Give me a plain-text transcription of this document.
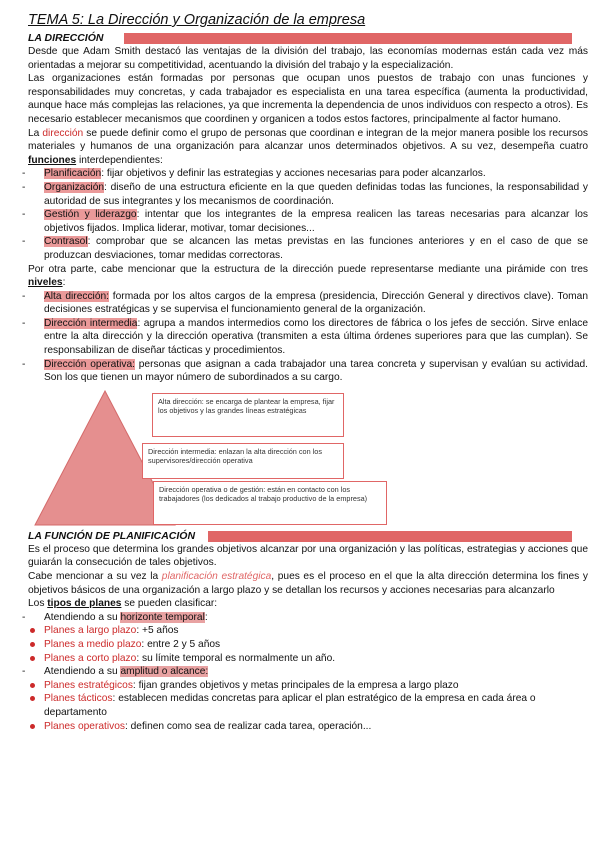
TEMA 5: La Dirección y Organización de la empresa
LA DIRECCIÓN

Desde que Adam Smith destacó las ventajas de la división del trabajo, las economías modernas están cada vez más orientadas a mejorar su competitividad, acentuando la división del trabajo y la especialización.

Las organizaciones están formadas por personas que ocupan unos puestos de trabajo con unas funciones y responsabilidades muy concretas, y cada trabajador es especialista en una tarea específica (aumenta la productividad, aunque hace más complejas las relaciones, ya que incrementa la dependencia de unos individuos con respecto a otros). Es necesario establecer mecanismos que coordinen y organicen a todos estos factores, principalmente al factor humano.

La dirección se puede definir como el grupo de personas que coordinan e integran de la mejor manera posible los recursos materiales y humanos de una organización para alcanzar unos determinados objetivos. A su vez, desempeña cuatro funciones interdependientes:

- Planificación: fijar objetivos y definir las estrategias y acciones necesarias para poder alcanzarlos.
- Organización: diseño de una estructura eficiente en la que queden definidas todas las funciones, la responsabilidad y autoridad de sus integrantes y los mecanismos de coordinación.
- Gestión y liderazgo: intentar que los integrantes de la empresa realicen las tareas necesarias para alcanzar los objetivos fijados. Implica liderar, motivar, tomar decisiones...
- Contrasol: comprobar que se alcancen las metas previstas en las funciones anteriores y en el caso de que se produzcan desviaciones, tomar medidas correctoras.

Por otra parte, cabe mencionar que la estructura de la dirección puede representarse mediante una pirámide con tres niveles:

- Alta dirección: formada por los altos cargos de la empresa (presidencia, Dirección General y directivos clave). Toman decisiones estratégicas y se supervisa el funcionamiento general de la organización.
- Dirección intermedia: agrupa a mandos intermedios como los directores de fábrica o los jefes de sección. Sirve enlace entre la alta dirección y la dirección operativa (transmiten a esta última órdenes superiores para que las cumplan). Se responsabilizan de diseñar tácticas y procedimientos.
- Dirección operativa: personas que asignan a cada trabajador una tarea concreta y supervisan y evalúan su actividad. Son los que tienen un mayor número de subordinados a su cargo.
Alta dirección: se encarga de plantear la empresa, fijar los objetivos y las grandes líneas estratégicas
Dirección intermedia: enlazan la alta dirección con los supervisores/dirección operativa
Dirección operativa o de gestión: están en contacto con los trabajadores (los dedicados al trabajo productivo de la empresa)
LA FUNCIÓN DE PLANIFICACIÓN

Es el proceso que determina los grandes objetivos alcanzar por una organización y las políticas, estrategias y acciones que guiarán la consecución de tales objetivos.

Cabe mencionar a su vez la planificación estratégica, pues es el proceso en el que la alta dirección determina los fines y objetivos básicos de una organización a largo plazo y se detallan los recursos y acciones necesarias para alcanzarlo

Los tipos de planes se pueden clasificar:

- Atendiendo a su horizonte temporal:
Planes a largo plazo: +5 años
Planes a medio plazo: entre 2 y 5 años
Planes a corto plazo: su límite temporal es normalmente un año.
- Atendiendo a su amplitud o alcance:
Planes estratégicos: fijan grandes objetivos y metas principales de la empresa a largo plazo
Planes tácticos: establecen medidas concretas para aplicar el plan estratégico de la empresa en cada área o departamento
Planes operativos: definen como sea de realizar cada tarea, operación...
